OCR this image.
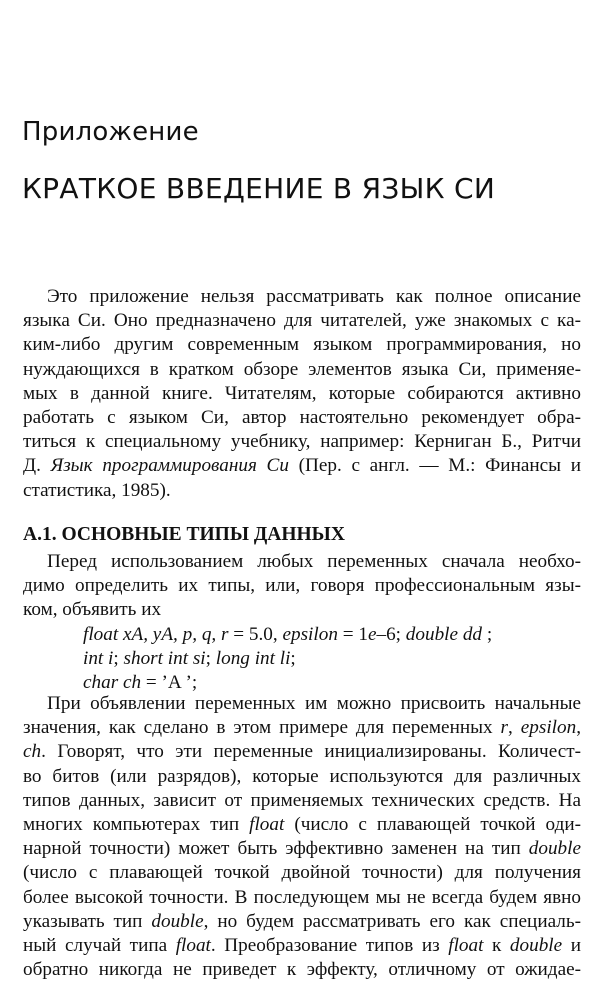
Приложение
КРАТКОЕ ВВЕДЕНИЕ В ЯЗЫК СИ
Это приложение нельзя рассматривать как полное описание
языка Си. Оно предназначено для читателей, уже знакомых с ка-
ким-либо другим современным языком программирования, но
нуждающихся в кратком обзоре элементов языка Си, применяе-
мых в данной книге. Читателям, которые собираются активно
работать с языком Си, автор настоятельно рекомендует обра-
титься к специальному учебнику, например: Керниган Б., Ритчи
Д. Язык программирования Си (Пер. с англ. — М.: Финансы и
статистика, 1985).
А.1. ОСНОВНЫЕ ТИПЫ ДАННЫХ
Перед использованием любых переменных сначала необхо-
димо определить их типы, или, говоря профессиональным язы-
ком, объявить их
float xA, yA, p, q, r = 5.0, epsilon = 1e–6; double dd ;
int i; short int si; long int li;
char ch = ’A ’;
При объявлении переменных им можно присвоить начальные
значения, как сделано в этом примере для переменных r, epsilon,
ch. Говорят, что эти переменные инициализированы. Количест-
во битов (или разрядов), которые используются для различных
типов данных, зависит от применяемых технических средств. На
многих компьютерах тип float (число с плавающей точкой оди-
нарной точности) может быть эффективно заменен на тип double
(число с плавающей точкой двойной точности) для получения
более высокой точности. В последующем мы не всегда будем явно
указывать тип double, но будем рассматривать его как специаль-
ный случай типа float. Преобразование типов из float к double и
обратно никогда не приведет к эффекту, отличному от ожидае-
